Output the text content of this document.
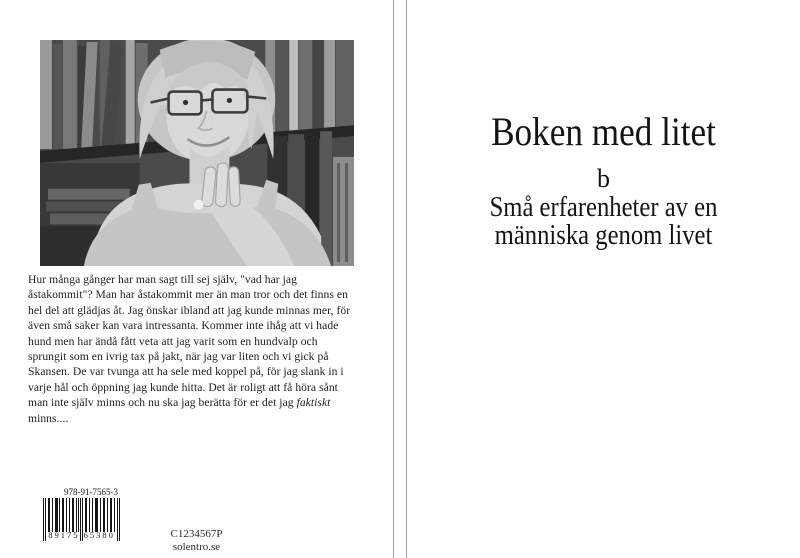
Hur många gånger har man sagt till sej själv, "vad har jag
åstakommit"? Man har åstakommit mer än man tror och det finns en
hel del att glädjas åt. Jag önskar ibland att jag kunde minnas mer, för
även små saker kan vara intressanta. Kommer inte ihåg att vi hade
hund men har ändå fått veta att jag varit som en hundvalp och
sprungit som en ivrig tax på jakt, när jag var liten och vi gick på
Skansen. De var tvunga att ha sele med koppel på, för jag slank in i
varje hål och öppning jag kunde hitta. Det är roligt att få höra sånt
man inte själv minns och nu ska jag berätta för er det jag faktiskt
minns....
978-91-7565-3
89175 65380	C1234567P
solentro.se
Boken med litet
b
Små erfarenheter av en
människa genom livet
